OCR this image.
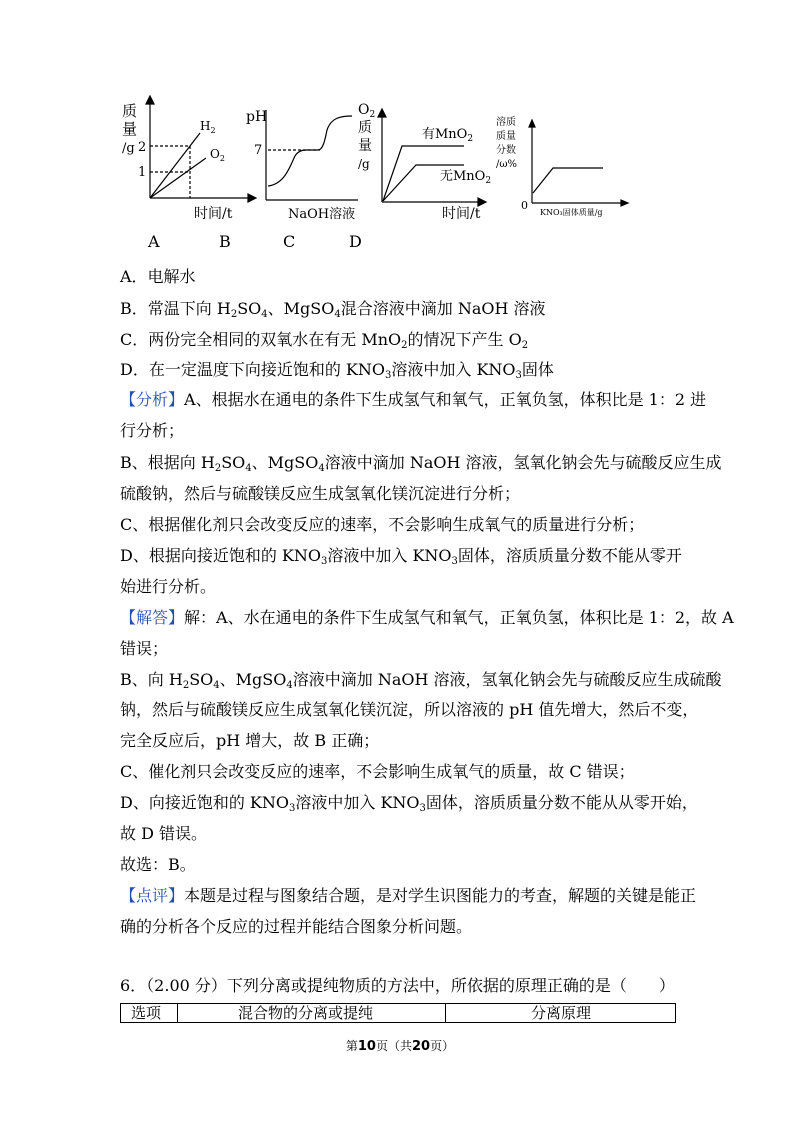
质
量
/g 2
1
$H_2$
$O_2$
时间/t
pH
7
NaOH溶液
$O_2$
质
量
/g
有MnO$_2$
无MnO$_2$
时间/t
溶质
质量
分数
/ω%
0
KNO₃固体质量/g
A	B	C	D
A．电解水
B．常温下向 $H_2SO_4$、MgSO$_4$混合溶液中滴加 NaOH 溶液
C．两份完全相同的双氧水在有无 MnO$_2$的情况下产生 $O_2$
D．在一定温度下向接近饱和的 $KNO_3$溶液中加入 $KNO_3$固体
【分析】A、根据水在通电的条件下生成氢气和氧气，正氧负氢，体积比是 1：2 进
行分析；
B、根据向 $H_2SO_4$、MgSO$_4$溶液中滴加 NaOH 溶液，氢氧化钠会先与硫酸反应生成
硫酸钠，然后与硫酸镁反应生成氢氧化镁沉淀进行分析；
C、根据催化剂只会改变反应的速率，不会影响生成氧气的质量进行分析；
D、根据向接近饱和的 $KNO_3$溶液中加入 $KNO_3$固体，溶质质量分数不能从零开
始进行分析。
【解答】解：A、水在通电的条件下生成氢气和氧气，正氧负氢，体积比是 1：2，故 A
错误；
B、向 $H_2SO_4$、MgSO$_4$溶液中滴加 NaOH 溶液，氢氧化钠会先与硫酸反应生成硫酸
钠，然后与硫酸镁反应生成氢氧化镁沉淀，所以溶液的 pH 值先增大，然后不变，
完全反应后，pH 增大，故 B 正确；
C、催化剂只会改变反应的速率，不会影响生成氧气的质量，故 C 错误；
D、向接近饱和的 $KNO_3$溶液中加入 $KNO_3$固体，溶质质量分数不能从从零开始，
故 D 错误。
故选：B。
【点评】本题是过程与图象结合题，是对学生识图能力的考查，解题的关键是能正
确的分析各个反应的过程并能结合图象分析问题。
6．（2.00 分）下列分离或提纯物质的方法中，所依据的原理正确的是（　　）
选项	混合物的分离或提纯	分离原理
第10页（共20页）
